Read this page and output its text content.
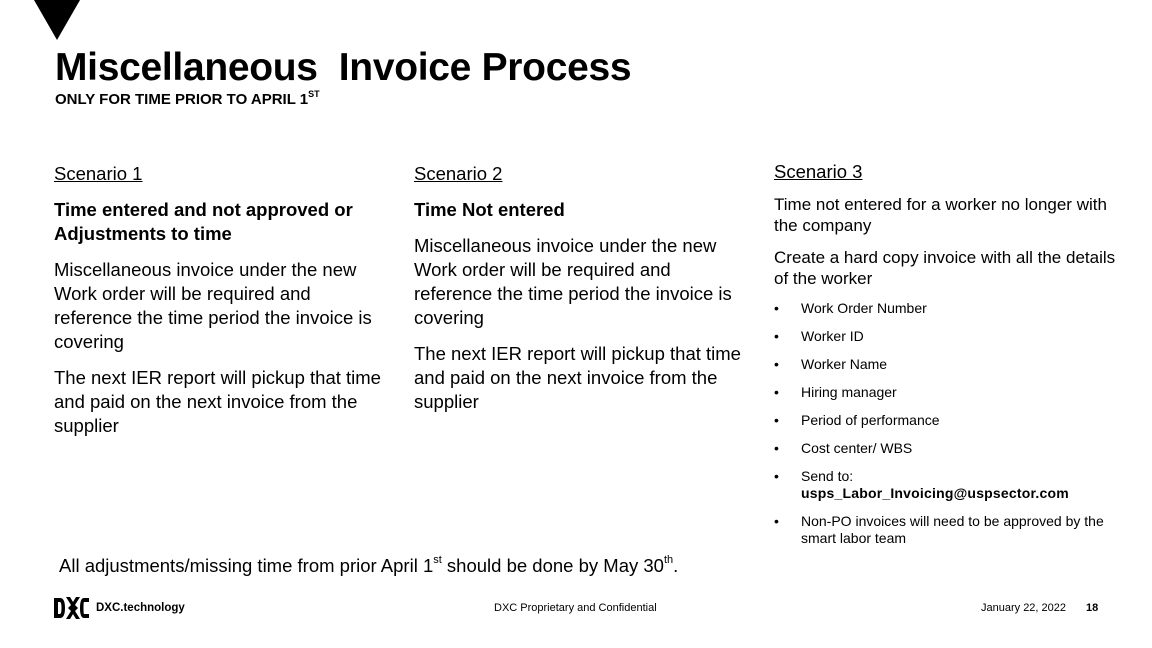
Miscellaneous  Invoice Process
ONLY FOR TIME PRIOR TO APRIL 1ST

Scenario 1

Time entered and not approved or Adjustments to time

Miscellaneous invoice under the new Work order will be required and reference the time period the invoice is covering

The next IER report will pickup that time and paid on the next invoice from the supplier

Scenario 2

Time Not entered

Miscellaneous invoice under the new Work order will be required and reference the time period the invoice is covering

The next IER report will pickup that time and paid on the next invoice from the supplier

Scenario 3

Time not entered for a worker no longer with the company

Create a hard copy invoice with all the details of the worker

• Work Order Number
• Worker ID
• Worker Name
• Hiring manager
• Period of performance
• Cost center/ WBS
• Send to:
usps_Labor_Invoicing@uspsector.com
• Non-PO invoices will need to be approved by the smart labor team
All adjustments/missing time from prior April 1st should be done by May 30th.
DXC.technology	DXC Proprietary and Confidential	January 22, 2022 18
